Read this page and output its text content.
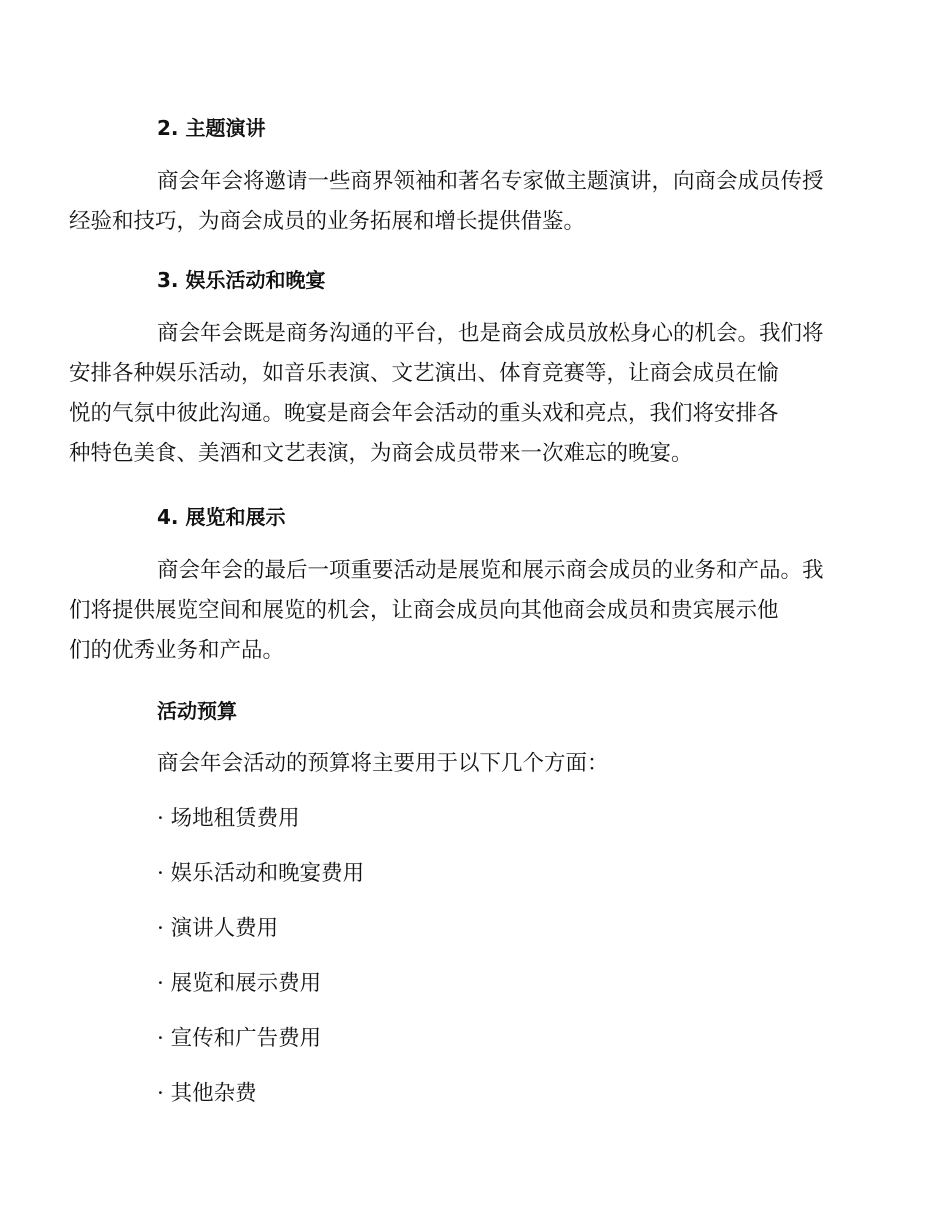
2. 主题演讲

商会年会将邀请一些商界领袖和著名专家做主题演讲，向商会成员传授
经验和技巧，为商会成员的业务拓展和增长提供借鉴。

3. 娱乐活动和晚宴

商会年会既是商务沟通的平台，也是商会成员放松身心的机会。我们将
安排各种娱乐活动，如音乐表演、文艺演出、体育竞赛等，让商会成员在愉
悦的气氛中彼此沟通。晚宴是商会年会活动的重头戏和亮点，我们将安排各
种特色美食、美酒和文艺表演，为商会成员带来一次难忘的晚宴。

4. 展览和展示

商会年会的最后一项重要活动是展览和展示商会成员的业务和产品。我
们将提供展览空间和展览的机会，让商会成员向其他商会成员和贵宾展示他
们的优秀业务和产品。

活动预算
商会年会活动的预算将主要用于以下几个方面：
· 场地租赁费用
· 娱乐活动和晚宴费用
· 演讲人费用
· 展览和展示费用
· 宣传和广告费用
· 其他杂费
